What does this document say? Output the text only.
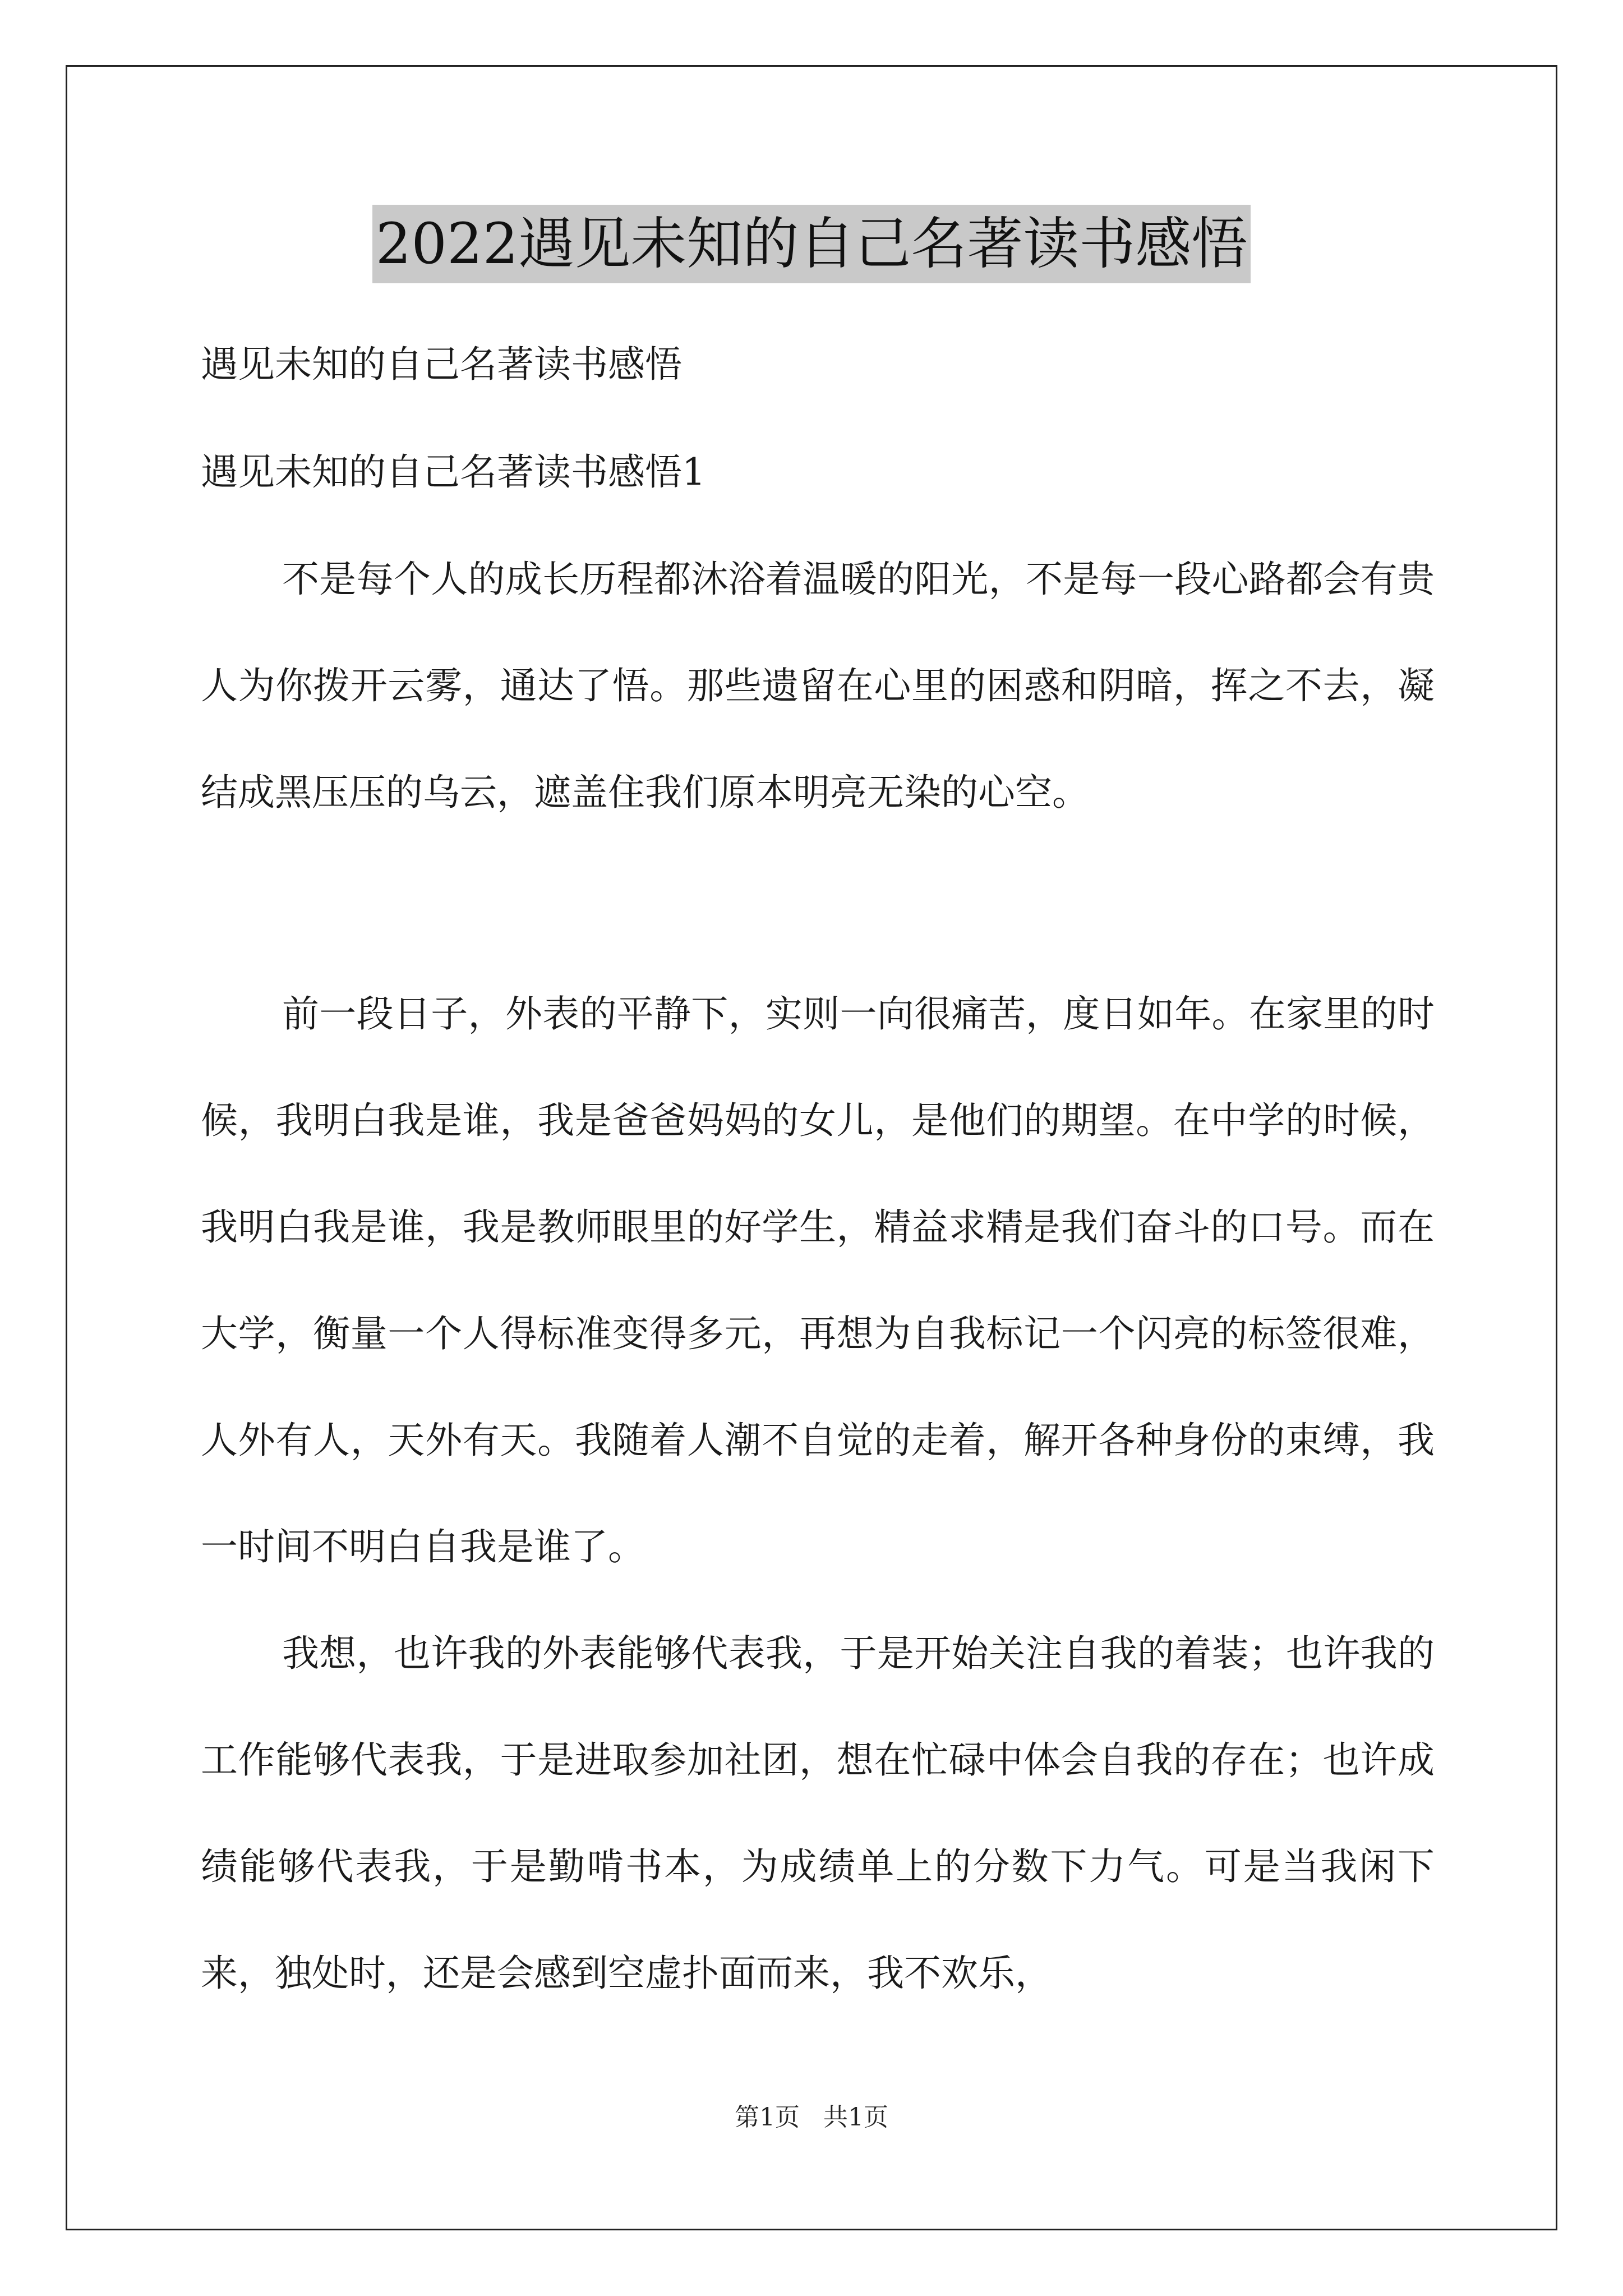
2022遇见未知的自己名著读书感悟

遇见未知的自己名著读书感悟

遇见未知的自己名著读书感悟1

不是每个人的成长历程都沐浴着温暖的阳光，不是每一段心路都会有贵人为你拨开云雾，通达了悟。那些遗留在心里的困惑和阴暗，挥之不去，凝结成黑压压的乌云，遮盖住我们原本明亮无染的心空。

前一段日子，外表的平静下，实则一向很痛苦，度日如年。在家里的时候，我明白我是谁，我是爸爸妈妈的女儿，是他们的期望。在中学的时候，我明白我是谁，我是教师眼里的好学生，精益求精是我们奋斗的口号。而在大学，衡量一个人得标准变得多元，再想为自我标记一个闪亮的标签很难，人外有人，天外有天。我随着人潮不自觉的走着，解开各种身份的束缚，我一时间不明白自我是谁了。

我想，也许我的外表能够代表我，于是开始关注自我的着装；也许我的工作能够代表我，于是进取参加社团，想在忙碌中体会自我的存在；也许成绩能够代表我，于是勤啃书本，为成绩单上的分数下力气。可是当我闲下来，独处时，还是会感到空虚扑面而来，我不欢乐，

第1页   共1页
